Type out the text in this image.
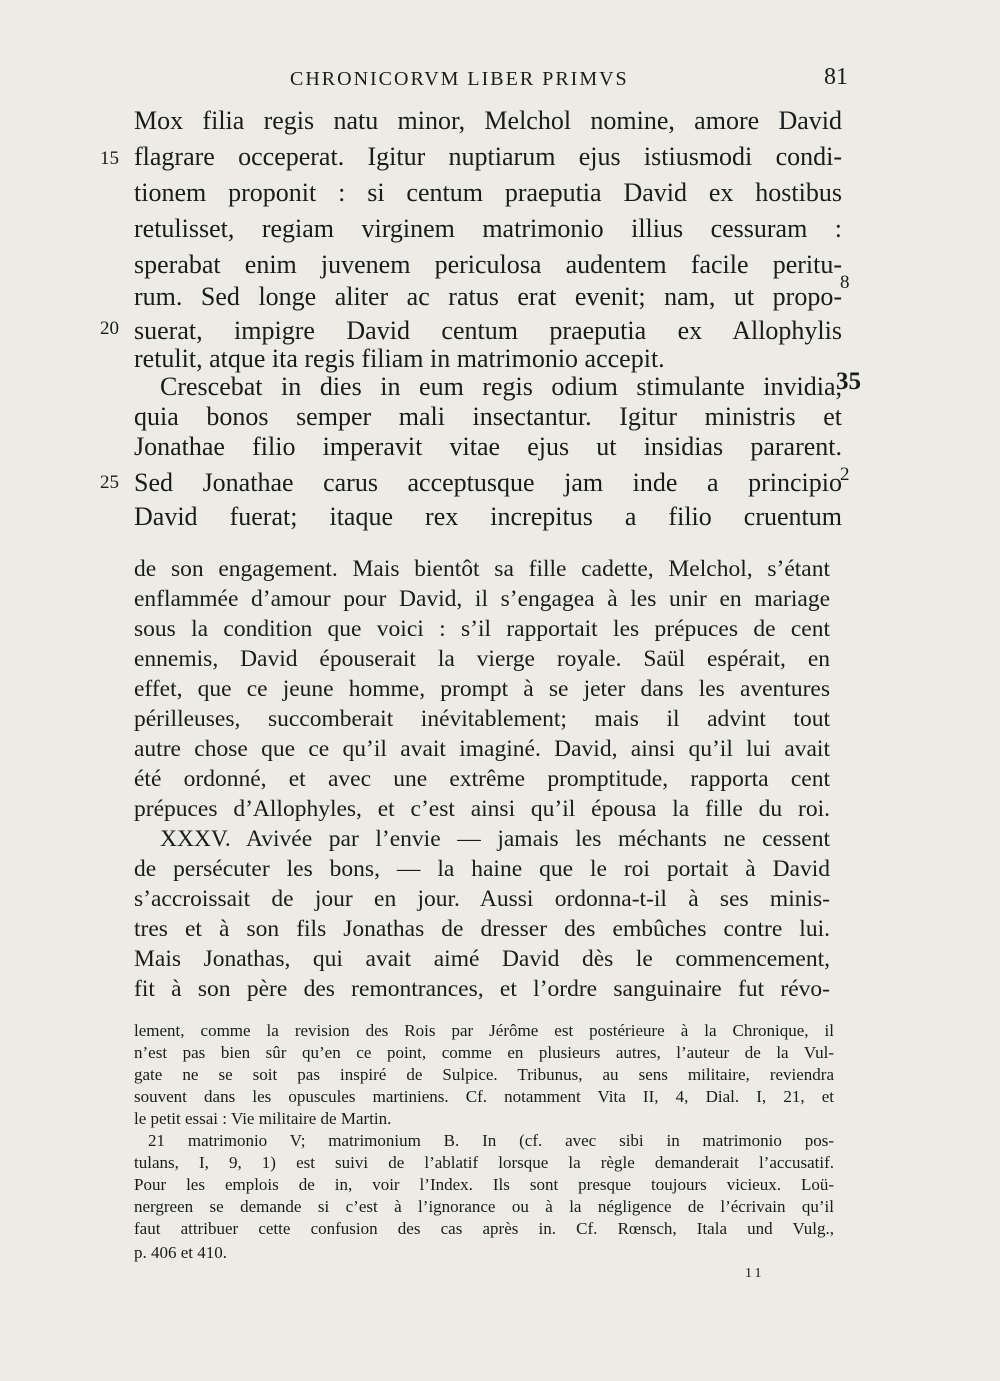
CHRONICORVM LIBER PRIMVS	81
Mox filia regis natu minor, Melchol nomine, amore David
flagrare occeperat. Igitur nuptiarum ejus istiusmodi condi-
tionem proponit : si centum praeputia David ex hostibus
retulisset, regiam virginem matrimonio illius cessuram :
sperabat enim juvenem periculosa audentem facile peritu-
rum. Sed longe aliter ac ratus erat evenit; nam, ut propo-
suerat, impigre David centum praeputia ex Allophylis
retulit, atque ita regis filiam in matrimonio accepit.
Crescebat in dies in eum regis odium stimulante invidia,
quia bonos semper mali insectantur. Igitur ministris et
Jonathae filio imperavit vitae ejus ut insidias pararent.
Sed Jonathae carus acceptusque jam inde a principio
David fuerat; itaque rex increpitus a filio cruentum
15
20
25
8
35
2
de son engagement. Mais bientôt sa fille cadette, Melchol, s’étant
enflammée d’amour pour David, il s’engagea à les unir en mariage
sous la condition que voici : s’il rapportait les prépuces de cent
ennemis, David épouserait la vierge royale. Saül espérait, en
effet, que ce jeune homme, prompt à se jeter dans les aventures
périlleuses, succomberait inévitablement; mais il advint tout
autre chose que ce qu’il avait imaginé. David, ainsi qu’il lui avait
été ordonné, et avec une extrême promptitude, rapporta cent
prépuces d’Allophyles, et c’est ainsi qu’il épousa la fille du roi.
XXXV. Avivée par l’envie — jamais les méchants ne cessent
de persécuter les bons, — la haine que le roi portait à David
s’accroissait de jour en jour. Aussi ordonna-t-il à ses minis-
tres et à son fils Jonathas de dresser des embûches contre lui.
Mais Jonathas, qui avait aimé David dès le commencement,
fit à son père des remontrances, et l’ordre sanguinaire fut révo-
lement, comme la revision des Rois par Jérôme est postérieure à la Chronique, il
n’est pas bien sûr qu’en ce point, comme en plusieurs autres, l’auteur de la Vul-
gate ne se soit pas inspiré de Sulpice. Tribunus, au sens militaire, reviendra
souvent dans les opuscules martiniens. Cf. notamment Vita II, 4, Dial. I, 21, et
le petit essai : Vie militaire de Martin.
21 matrimonio V; matrimonium B. In (cf. avec sibi in matrimonio pos-
tulans, I, 9, 1) est suivi de l’ablatif lorsque la règle demanderait l’accusatif.
Pour les emplois de in, voir l’Index. Ils sont presque toujours vicieux. Loü-
nergreen se demande si c’est à l’ignorance ou à la négligence de l’écrivain qu’il
faut attribuer cette confusion des cas après in. Cf. Rœnsch, Itala und Vulg.,
p. 406 et 410.
11
